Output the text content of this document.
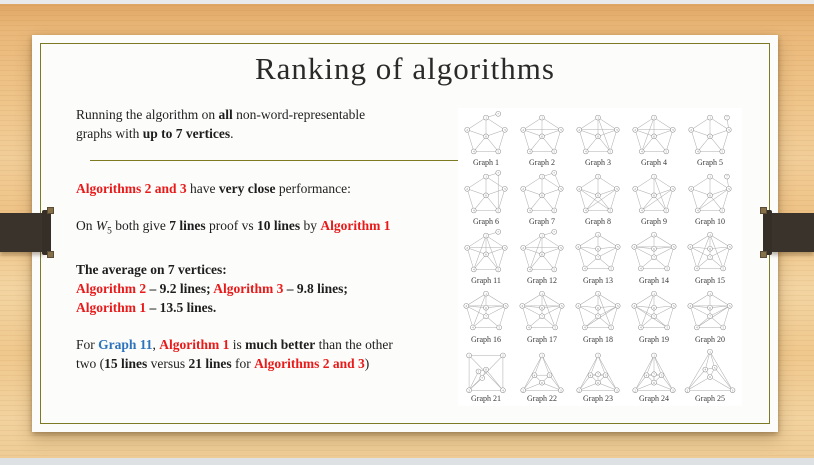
Ranking of algorithms

Running the algorithm on all non-word-representable
graphs with up to 7 vertices.

Algorithms 2 and 3 have very close performance:

On $W_5$ both give 7 lines proof vs 10 lines by Algorithm 1

The average on 7 vertices:
Algorithm 2 – 9.2 lines; Algorithm 3 – 9.8 lines;
Algorithm 1 – 13.5 lines.

For Graph 11, Algorithm 1 is much better than the other
two (15 lines versus 21 lines for Algorithms 2 and 3)

1
2	3
4	5
6
7
Graph 1
1
2	3
4	5
6
Graph 2
1
2	3
4	5
6
Graph 3
1
2	3
4	5
6
Graph 4
1
2	3
4	5
6
7
Graph 5
1
2	3
4	5
6
7
Graph 6
1
2	3
4	5
6
7
Graph 7
1
2	3
4	5
6
Graph 8
1
2	3
4	5
6
Graph 9
1
2	3
4	5
6
7
Graph 10
1
2	3
4	5
6
7
Graph 11
1
2	3
4	5
6
7
Graph 12
1
2	3
4	5
6
7
Graph 13
1
2	3
4	5
6
7
Graph 14
1
2	3
4	5
6
7
Graph 15
1
2	3
4	5
6
7
Graph 16
1
2	3
4	5
6
7
Graph 17
1
2	3
4	5
6
7
Graph 18
1
2	3
4	5
6
7
Graph 19
1
2	3
4	5
6
7
Graph 20
1	2
3	4
5 6
7
Graph 21
1
2	3
4	5
6
Graph 22
1
2	3
4	5
6
7
Graph 23
1
2	3
4	5
6
7
Graph 24
1
2	3
4 5
6
Graph 25
